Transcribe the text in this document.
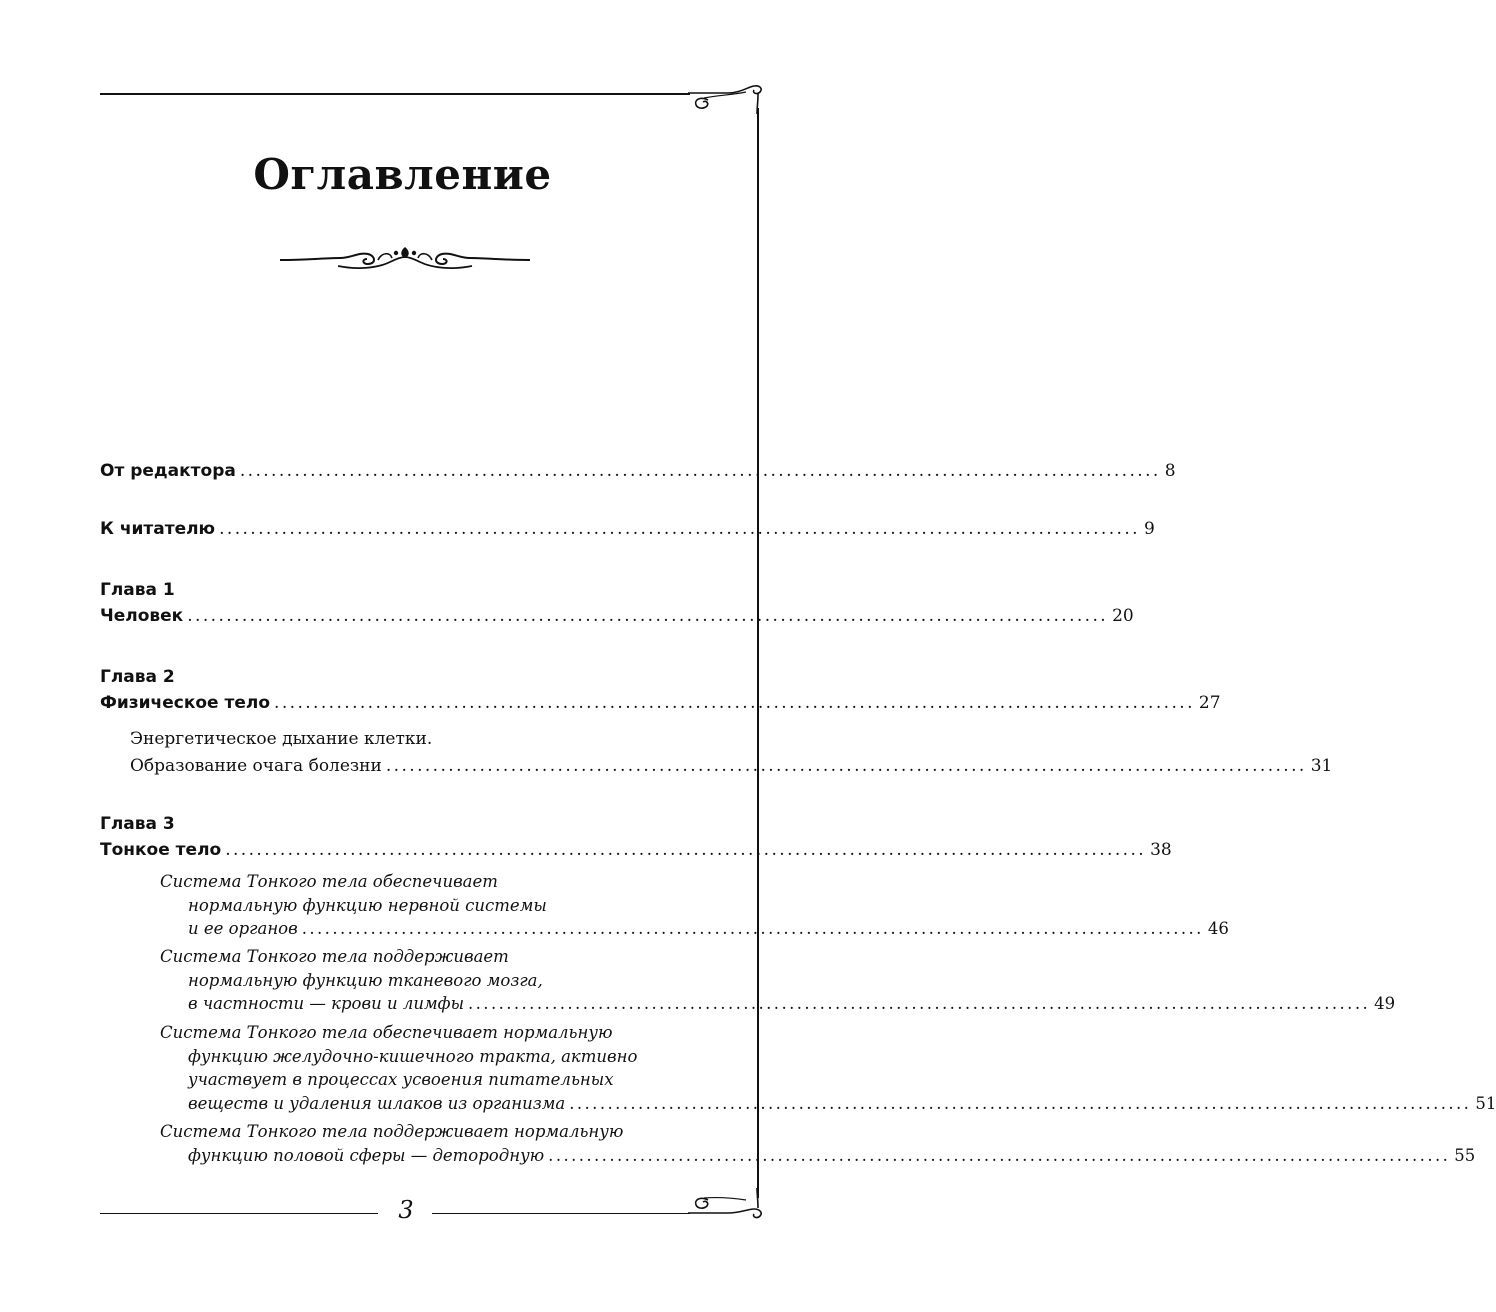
Оглавление
От редактора ...................................................................................................................... 8
К читателю ...................................................................................................................... 9
Глава 1
Человек ...................................................................................................................... 20
Глава 2
Физическое тело ...................................................................................................................... 27
Энергетическое дыхание клетки.
Образование очага болезни ...................................................................................................................... 31
Глава 3
Тонкое тело ...................................................................................................................... 38
Система Тонкого тела обеспечивает
нормальную функцию нервной системы
и ее органов ...................................................................................................................... 46
Система Тонкого тела поддерживает
нормальную функцию тканевого мозга,
в частности — крови и лимфы ...................................................................................................................... 49
Система Тонкого тела обеспечивает нормальную
функцию желудочно-кишечного тракта, активно
участвует в процессах усвоения питательных
веществ и удаления шлаков из организма ...................................................................................................................... 51
Система Тонкого тела поддерживает нормальную
функцию половой сферы — детородную ...................................................................................................................... 55
3
